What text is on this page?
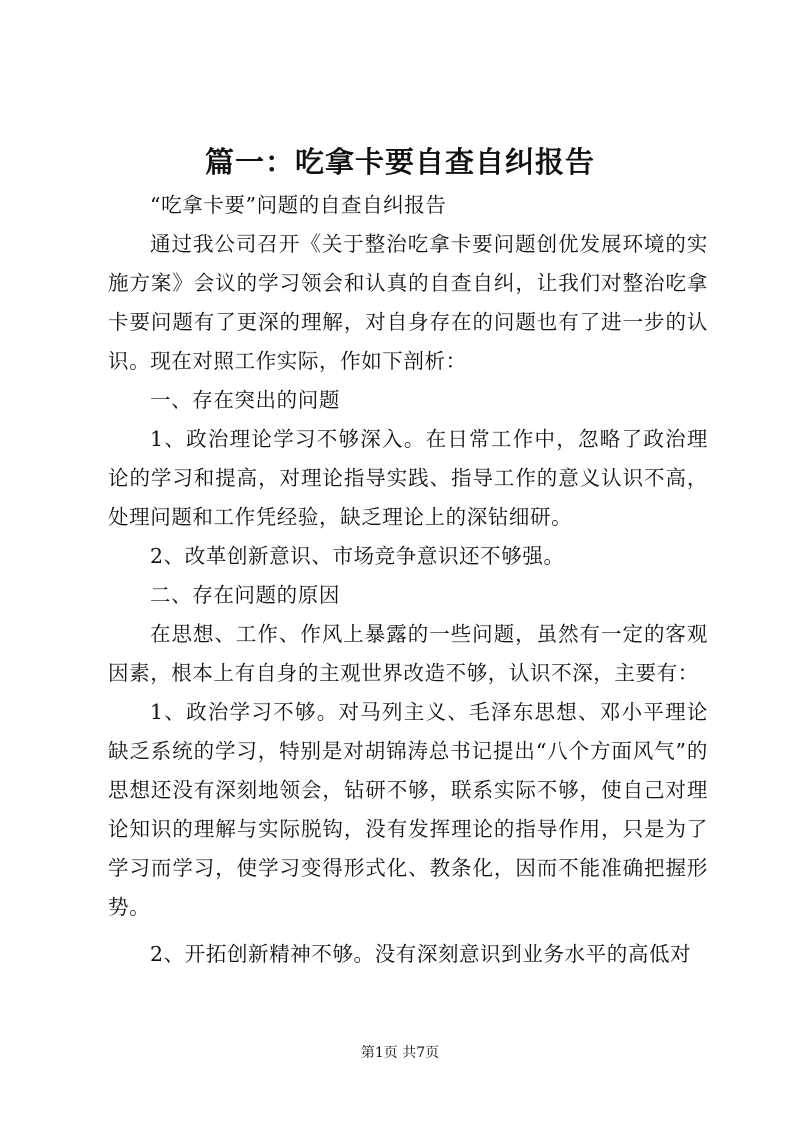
篇一：吃拿卡要自查自纠报告

“吃拿卡要”问题的自查自纠报告

通过我公司召开《关于整治吃拿卡要问题创优发展环境的实施方案》会议的学习领会和认真的自查自纠，让我们对整治吃拿卡要问题有了更深的理解，对自身存在的问题也有了进一步的认识。现在对照工作实际，作如下剖析：

一、存在突出的问题

1、政治理论学习不够深入。在日常工作中，忽略了政治理论的学习和提高，对理论指导实践、指导工作的意义认识不高，处理问题和工作凭经验，缺乏理论上的深钻细研。

2、改革创新意识、市场竞争意识还不够强。

二、存在问题的原因

在思想、工作、作风上暴露的一些问题，虽然有一定的客观因素，根本上有自身的主观世界改造不够，认识不深，主要有：

1、政治学习不够。对马列主义、毛泽东思想、邓小平理论缺乏系统的学习，特别是对胡锦涛总书记提出“八个方面风气”的思想还没有深刻地领会，钻研不够，联系实际不够，使自己对理论知识的理解与实际脱钩，没有发挥理论的指导作用，只是为了学习而学习，使学习变得形式化、教条化，因而不能准确把握形势。

2、开拓创新精神不够。没有深刻意识到业务水平的高低对

第1页 共7页
